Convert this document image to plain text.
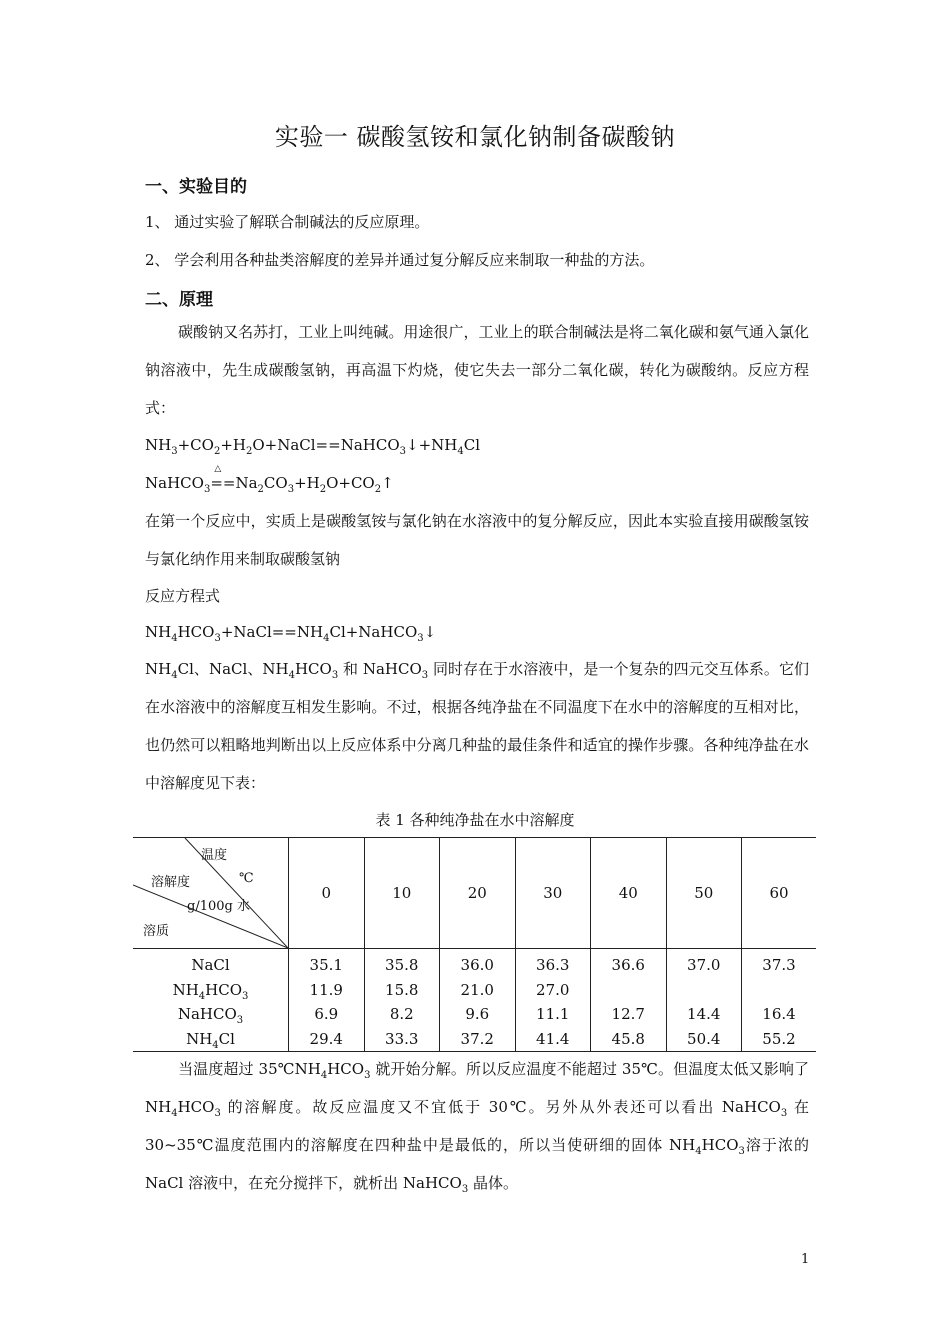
实验一 碳酸氢铵和氯化钠制备碳酸钠
一、实验目的
1、 通过实验了解联合制碱法的反应原理。
2、 学会利用各种盐类溶解度的差异并通过复分解反应来制取一种盐的方法。
二、原理
碳酸钠又名苏打，工业上叫纯碱。用途很广，工业上的联合制碱法是将二氧化碳和氨气通入氯化钠溶液中，先生成碳酸氢钠，再高温下灼烧，使它失去一部分二氧化碳，转化为碳酸纳。反应方程式：
$NH_3+CO_2+H_2O+NaCl==NaHCO_3↓+NH_4Cl$
NaHCO$_3$
△
$==Na_2CO_3+H_2O+CO_2↑$
在第一个反应中，实质上是碳酸氢铵与氯化钠在水溶液中的复分解反应，因此本实验直接用碳酸氢铵与氯化纳作用来制取碳酸氢钠
反应方程式
$NH_4HCO_3+NaCl==NH_4Cl+NaHCO_3↓$
$NH_4Cl$、NaCl、$NH_4HCO_3$ 和 NaHCO$_3$ 同时存在于水溶液中，是一个复杂的四元交互体系。它们在水溶液中的溶解度互相发生影响。不过，根据各纯净盐在不同温度下在水中的溶解度的互相对比，也仍然可以粗略地判断出以上反应体系中分离几种盐的最佳条件和适宜的操作步骤。各种纯净盐在水中溶解度见下表：
表 1 各种纯净盐在水中溶解度
温度
溶解度 ℃
g/100g 水
溶质	0	10	20	30	40	50	60
NaCl	35.1	35.8	36.0	36.3	36.6	37.0	37.3
$NH_4HCO_3$	11.9	15.8	21.0	27.0			
NaHCO$_3$	6.9	8.2	9.6	11.1	12.7	14.4	16.4
$NH_4Cl$	29.4	33.3	37.2	41.4	45.8	50.4	55.2
当温度超过 $35℃NH_4HCO_3$ 就开始分解。所以反应温度不能超过 35℃。但温度太低又影响了 $NH_4HCO_3$ 的溶解度。故反应温度又不宜低于 30℃。另外从外表还可以看出 NaHCO$_3$ 在 30~35℃温度范围内的溶解度在四种盐中是最低的，所以当使研细的固体 $NH_4HCO_3$溶于浓的 NaCl 溶液中，在充分搅拌下，就析出 NaHCO$_3$ 晶体。
1
